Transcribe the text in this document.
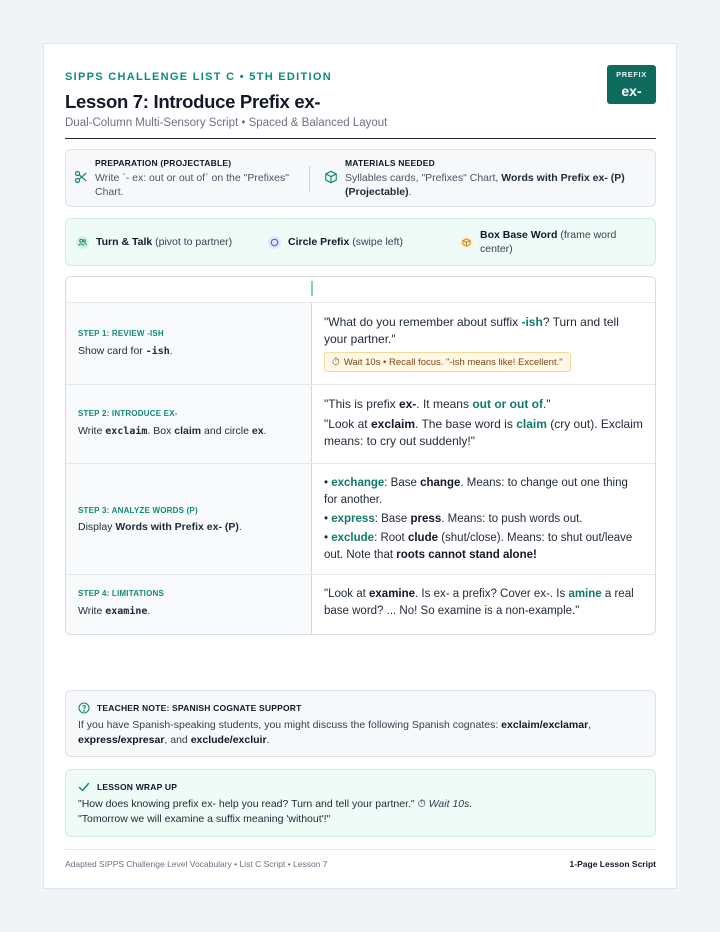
SIPPS CHALLENGE LIST C • 5TH EDITION
Lesson 7: Introduce Prefix ex-
Dual-Column Multi-Sensory Script • Spaced & Balanced Layout
PREFIX
ex-
PREPARATION (PROJECTABLE)
Write `- ex: out or out of` on the "Prefixes" Chart.
MATERIALS NEEDED
Syllables cards, "Prefixes" Chart, Words with Prefix ex- (P) (Projectable).
Turn & Talk (pivot to partner)	Circle Prefix (swipe left)
Box Base Word (frame word center)
STEP 1: REVIEW -ISH
Show card for -ish.
"What do you remember about suffix -ish? Turn and tell your partner."
⏱ Wait 10s • Recall focus. "-ish means like! Excellent."
STEP 2: INTRODUCE EX-
Write exclaim. Box claim and circle ex.
"This is prefix ex-. It means out or out of."
"Look at exclaim. The base word is claim (cry out). Exclaim means: to cry out suddenly!"
STEP 3: ANALYZE WORDS (P)
Display Words with Prefix ex- (P).
• exchange: Base change. Means: to change out one thing for another.
• express: Base press. Means: to push words out.
• exclude: Root clude (shut/close). Means: to shut out/leave out. Note that roots cannot stand alone!
STEP 4: LIMITATIONS
Write examine.
"Look at examine. Is ex- a prefix? Cover ex-. Is amine a real base word? ... No! So examine is a non-example."
TEACHER NOTE: SPANISH COGNATE SUPPORT
If you have Spanish-speaking students, you might discuss the following Spanish cognates: exclaim/exclamar, express/expresar, and exclude/excluir.
LESSON WRAP UP
"How does knowing prefix ex- help you read? Turn and tell your partner." ⏱ Wait 10s.
"Tomorrow we will examine a suffix meaning 'without'!"
Adapted SIPPS Challenge Level Vocabulary • List C Script • Lesson 7	1-Page Lesson Script
